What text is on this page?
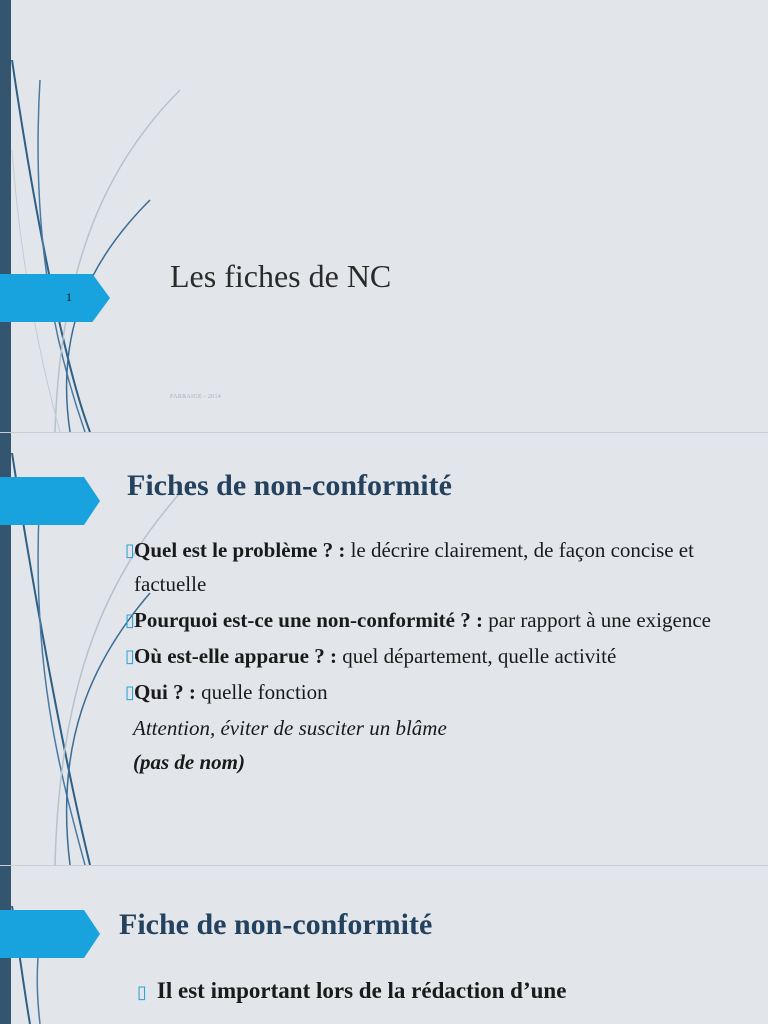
1
Les fiches de NC
FARRAIGE - 2014
Fiches de non-conformité

▯ Quel est le problème ? : le décrire clairement, de façon concise et factuelle

▯ Pourquoi est-ce une non-conformité ? : par rapport à une exigence

▯ Où est-elle apparue ? : quel département, quelle activité

▯ Qui ? : quelle fonction

Attention, éviter de susciter un blâme

(pas de nom)

Fiche de non-conformité
▯ Il est important lors de la rédaction d’une
